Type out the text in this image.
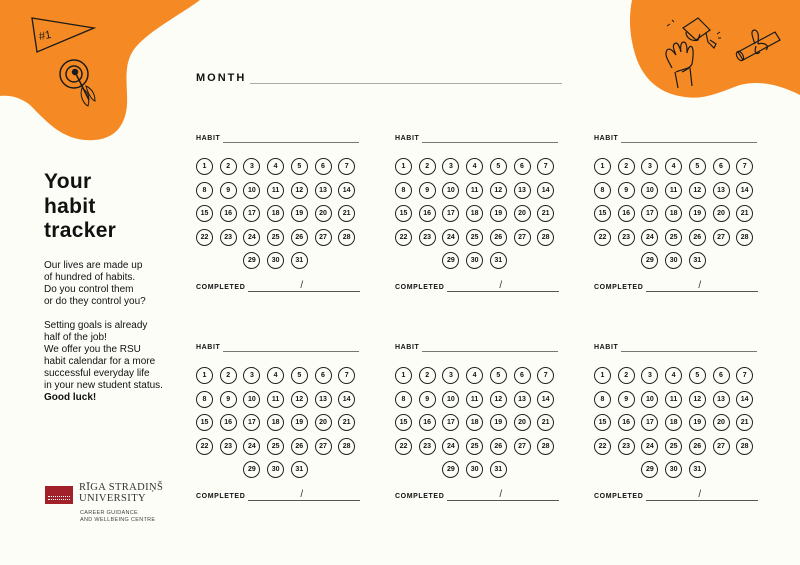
#1
MONTH
Your
habit
tracker

Our lives are made up

of hundred of habits.

Do you control them

or do they control you?

Setting goals is already

half of the job!

We offer you the RSU

habit calendar for a more

successful everyday life

in your new student status.

Good luck!

RĪGA STRADIŅŠ
UNIVERSITY
CAREER GUIDANCE
AND WELLBEING CENTRE
HABIT
1	2	3	4	5	6	7
8	9	10	11	12	13	14
15	16	17	18	19	20	21
22	23	24	25	26	27	28
29	30	31
COMPLETED	/
HABIT
1	2	3	4	5	6	7
8	9	10	11	12	13	14
15	16	17	18	19	20	21
22	23	24	25	26	27	28
29	30	31
COMPLETED	/
HABIT
1	2	3	4	5	6	7
8	9	10	11	12	13	14
15	16	17	18	19	20	21
22	23	24	25	26	27	28
29	30	31
COMPLETED	/
HABIT
1	2	3	4	5	6	7
8	9	10	11	12	13	14
15	16	17	18	19	20	21
22	23	24	25	26	27	28
29	30	31
COMPLETED	/
HABIT
1	2	3	4	5	6	7
8	9	10	11	12	13	14
15	16	17	18	19	20	21
22	23	24	25	26	27	28
29	30	31
COMPLETED	/
HABIT
1	2	3	4	5	6	7
8	9	10	11	12	13	14
15	16	17	18	19	20	21
22	23	24	25	26	27	28
29	30	31
COMPLETED	/
